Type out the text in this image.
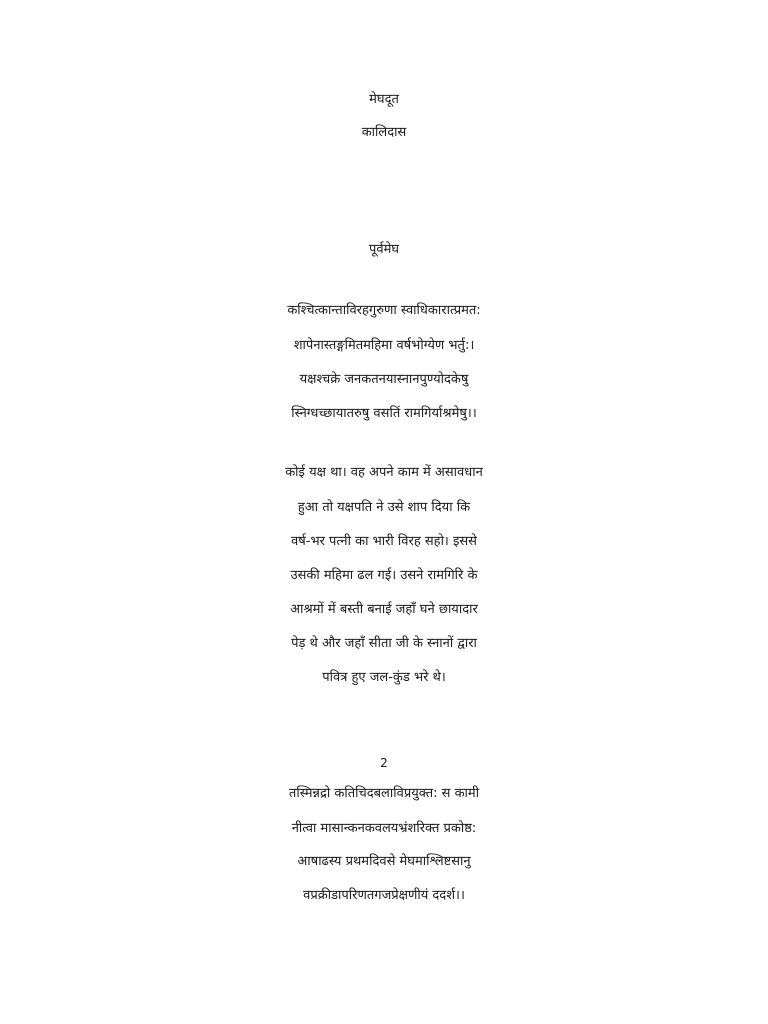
मेघदूत
कालिदास
पूर्वमेघ
कश्चित्कान्ताविरहगुरुणा स्वाधिकारात्प्रमत:
शापेनास्तङ्गमितमहिमा वर्षभोग्येण भर्तु:।
यक्षश्चक्रे जनकतनयास्नानपुण्योदकेषु
स्निग्धच्छायातरुषु वसतिं रामगिर्याश्रमेषु।।
कोई यक्ष था। वह अपने काम में असावधान
हुआ तो यक्षपति ने उसे शाप दिया कि
वर्ष-भर पत्नी का भारी विरह सहो। इससे
उसकी महिमा ढल गई। उसने रामगिरि के
आश्रमों में बस्ती बनाई जहाँ घने छायादार
पेड़ थे और जहाँ सीता जी के स्नानों द्वारा
पवित्र हुए जल-कुंड भरे थे।
2
तस्मिन्नद्रो कतिचिदबलाविप्रयुक्त: स कामी
नीत्वा मासान्कनकवलयभ्रंशरिक्त प्रकोष्ठ:
आषाढस्य प्रथमदिवसे मेघमाश्लिष्टसानु
वप्रक्रीडापरिणतगजप्रेक्षणीयं ददर्श।।
